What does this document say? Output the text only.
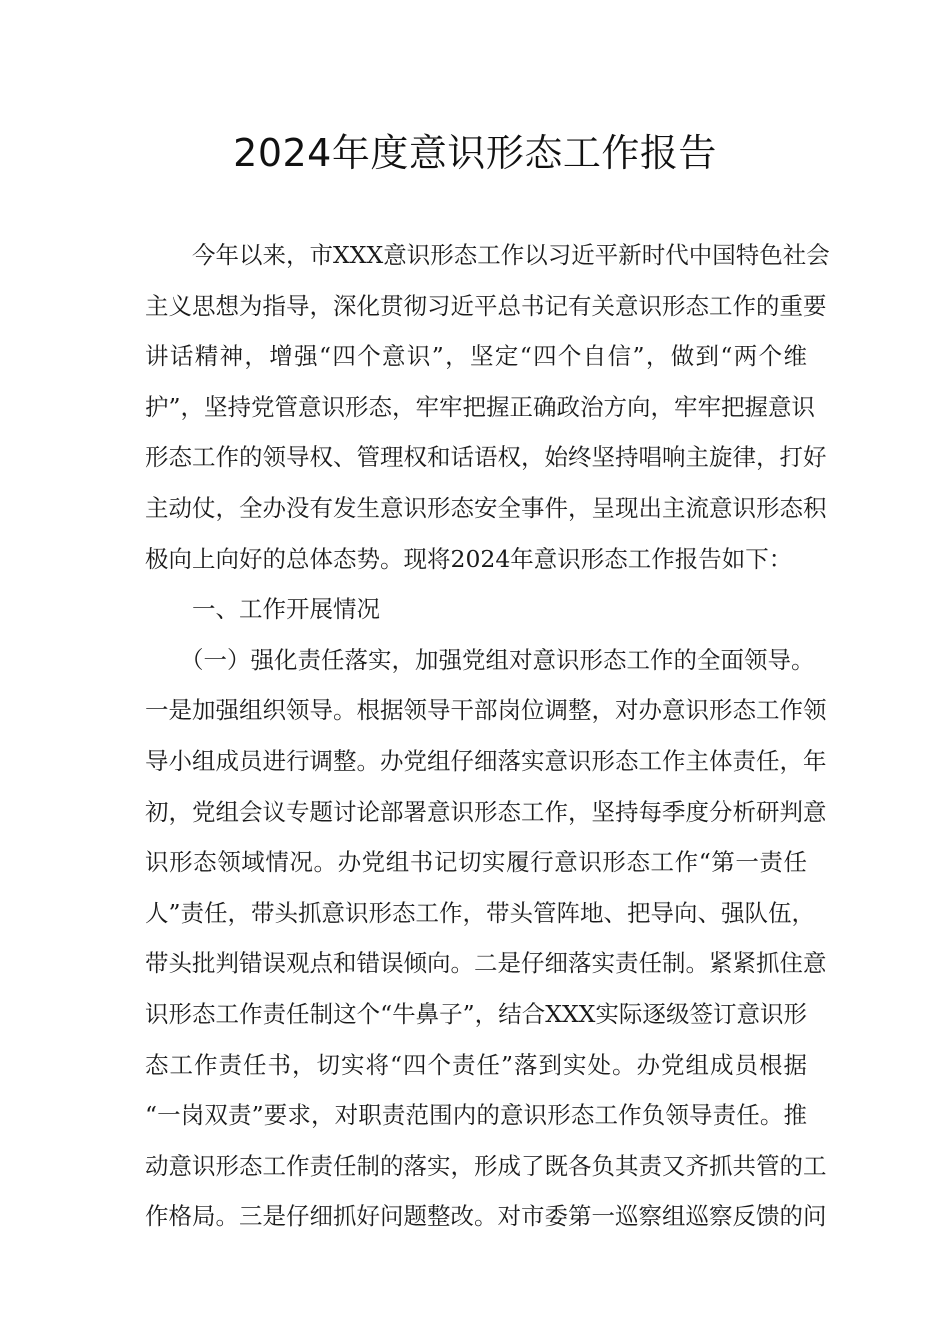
2024年度意识形态工作报告
今年以来，市XXX意识形态工作以习近平新时代中国特色社会
主义思想为指导，深化贯彻习近平总书记有关意识形态工作的重要
讲话精神，增强“四个意识”，坚定“四个自信”，做到“两个维
护”，坚持党管意识形态，牢牢把握正确政治方向，牢牢把握意识
形态工作的领导权、管理权和话语权，始终坚持唱响主旋律，打好
主动仗，全办没有发生意识形态安全事件，呈现出主流意识形态积
极向上向好的总体态势。现将2024年意识形态工作报告如下：
一、工作开展情况
（一）强化责任落实，加强党组对意识形态工作的全面领导。
一是加强组织领导。根据领导干部岗位调整，对办意识形态工作领
导小组成员进行调整。办党组仔细落实意识形态工作主体责任，年
初，党组会议专题讨论部署意识形态工作，坚持每季度分析研判意
识形态领域情况。办党组书记切实履行意识形态工作“第一责任
人”责任，带头抓意识形态工作，带头管阵地、把导向、强队伍，
带头批判错误观点和错误倾向。二是仔细落实责任制。紧紧抓住意
识形态工作责任制这个“牛鼻子”，结合XXX实际逐级签订意识形
态工作责任书，切实将“四个责任”落到实处。办党组成员根据
“一岗双责”要求，对职责范围内的意识形态工作负领导责任。推
动意识形态工作责任制的落实，形成了既各负其责又齐抓共管的工
作格局。三是仔细抓好问题整改。对市委第一巡察组巡察反馈的问
